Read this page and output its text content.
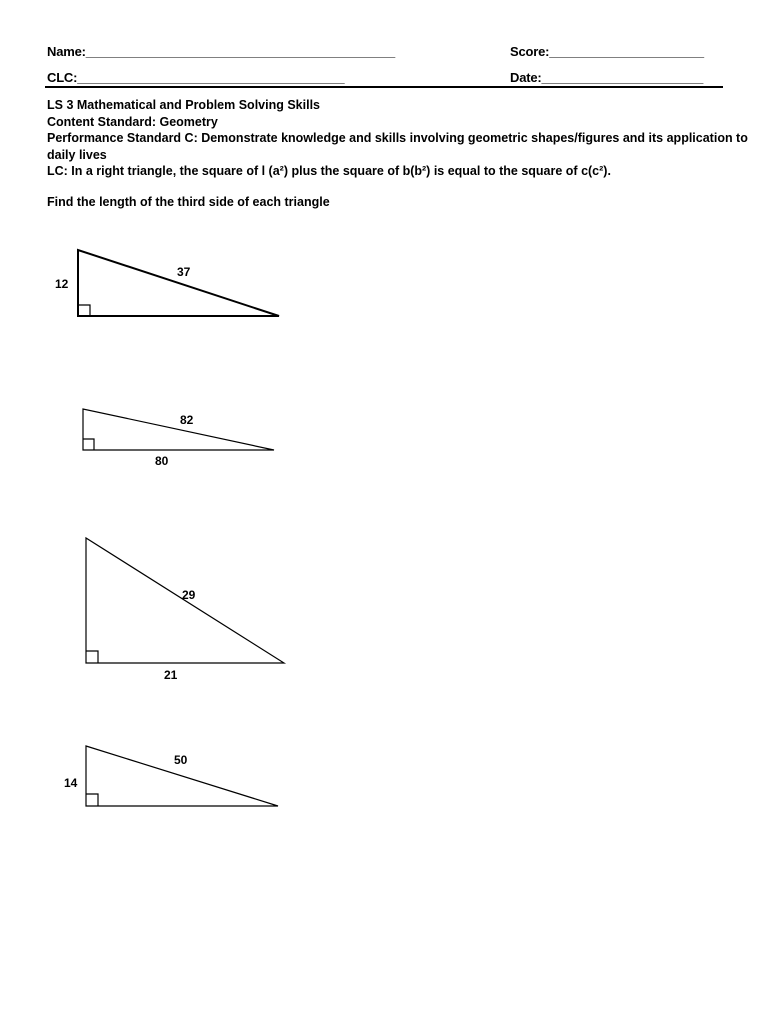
Name:____________________________________________	Score:______________________
CLC:______________________________________	Date:_______________________
LS 3 Mathematical and Problem Solving Skills
Content Standard: Geometry
Performance Standard C: Demonstrate knowledge and skills involving geometric shapes/figures and its application to
daily lives
LC: In a right triangle, the square of l (a²) plus the square of b(b²) is equal to the square of c(c²).
Find the length of the third side of each triangle
12
37
82
80
29
21
14
50
